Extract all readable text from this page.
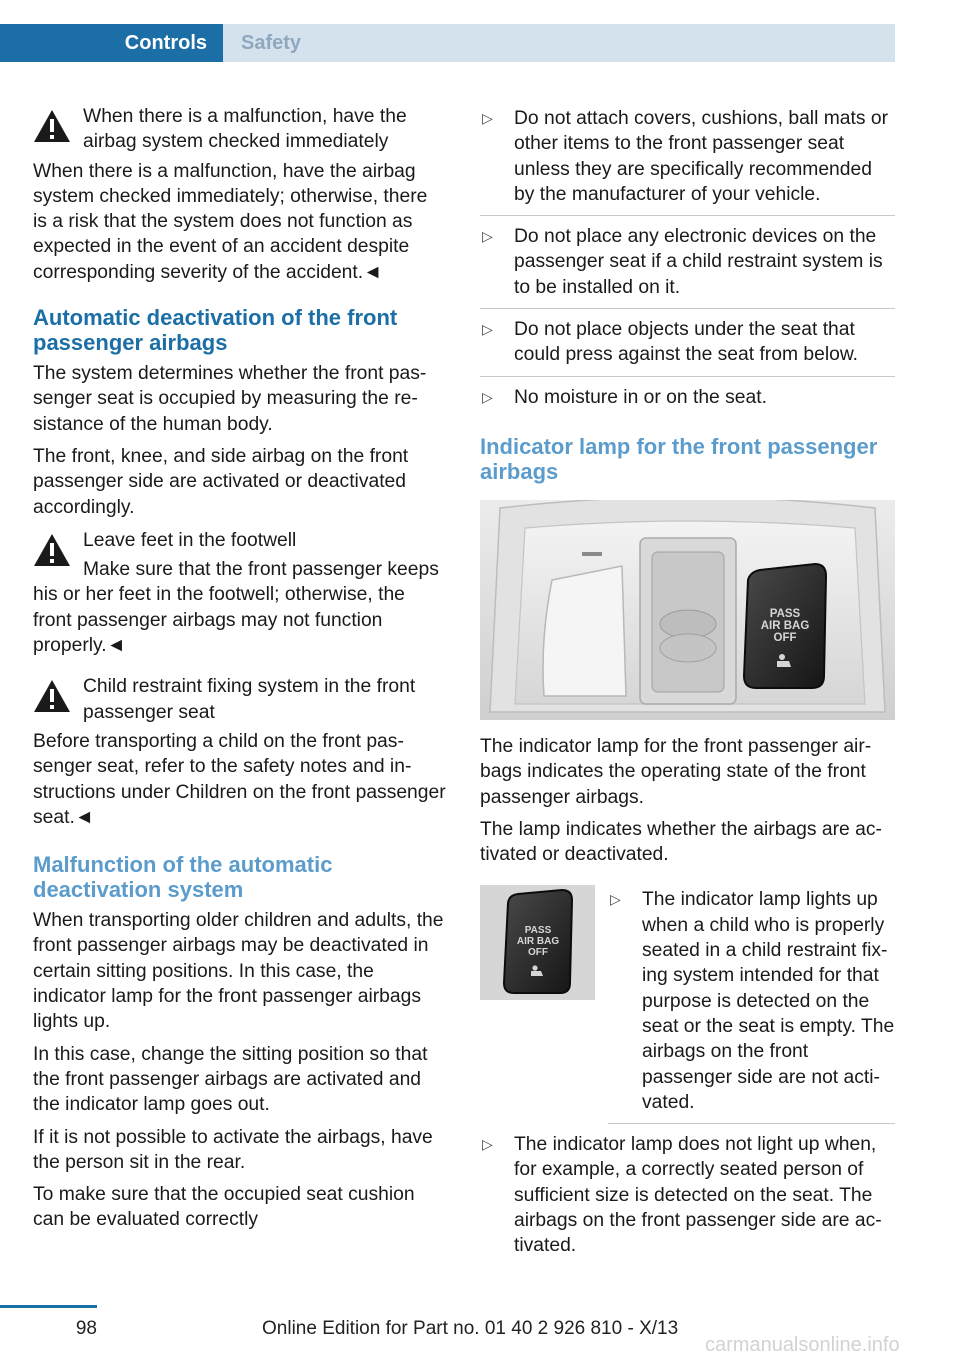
Controls	Safety
When there is a malfunction, have the airbag system checked immediately
When there is a malfunction, have the airbag system checked immediately; otherwise, there is a risk that the system does not function as expected in the event of an accident despite corresponding severity of the accident.◄
Automatic deactivation of the front passenger airbags

The system determines whether the front passenger seat is occupied by measuring the resistance of the human body.

The front, knee, and side airbag on the front passenger side are activated or deactivated accordingly.

Leave feet in the footwell
Make sure that the front passenger keeps his or her feet in the footwell; otherwise, the front passenger airbags may not function properly.◄
Child restraint fixing system in the front passenger seat
Before transporting a child on the front passenger seat, refer to the safety notes and instructions under Children on the front passenger seat.◄
Malfunction of the automatic deactivation system

When transporting older children and adults, the front passenger airbags may be deactivated in certain sitting positions. In this case, the indicator lamp for the front passenger airbags lights up.

In this case, change the sitting position so that the front passenger airbags are activated and the indicator lamp goes out.

If it is not possible to activate the airbags, have the person sit in the rear.

To make sure that the occupied seat cushion can be evaluated correctly

▷ Do not attach covers, cushions, ball mats or other items to the front passenger seat unless they are specifically recommended by the manufacturer of your vehicle.
▷ Do not place any electronic devices on the passenger seat if a child restraint system is to be installed on it.
▷ Do not place objects under the seat that could press against the seat from below.
▷ No moisture in or on the seat.
Indicator lamp for the front passenger airbags
PASS
AIR BAG
OFF

The indicator lamp for the front passenger airbags indicates the operating state of the front passenger airbags.

The lamp indicates whether the airbags are activated or deactivated.

PASS
AIR BAG
OFF
▷ The indicator lamp lights up when a child who is properly seated in a child restraint fixing system intended for that purpose is detected on the seat or the seat is empty. The airbags on the front passenger side are not activated.
▷ The indicator lamp does not light up when, for example, a correctly seated person of sufficient size is detected on the seat. The airbags on the front passenger side are activated.
98	Online Edition for Part no. 01 40 2 926 810 - X/13
carmanualsonline.info
